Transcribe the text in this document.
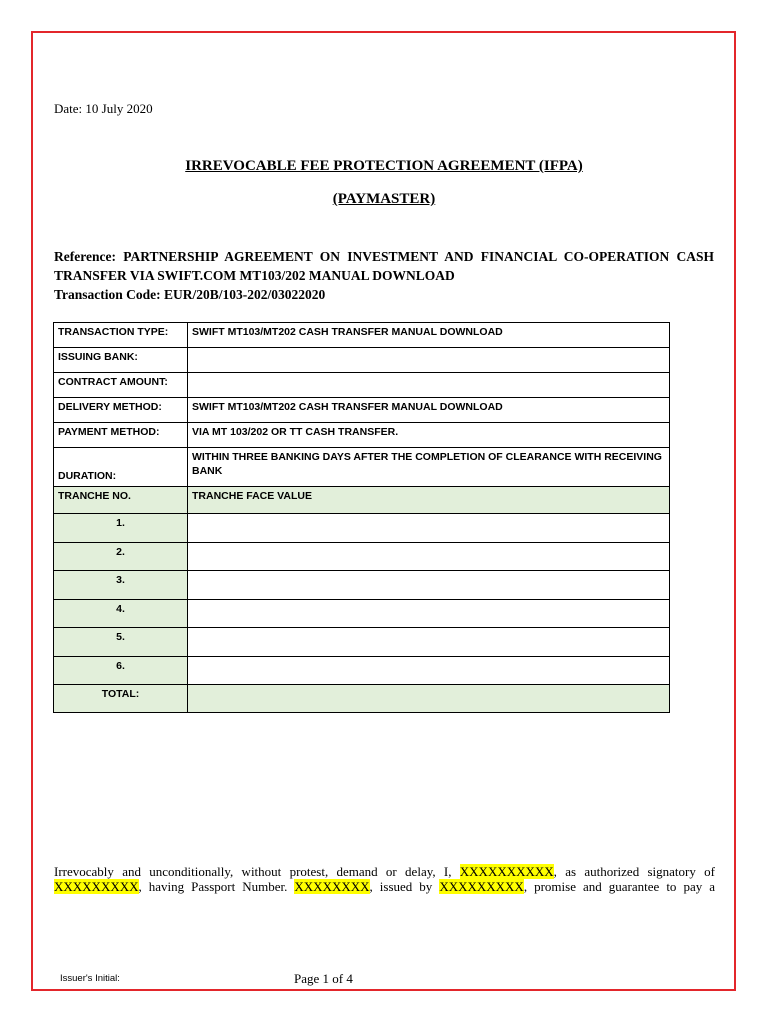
Date: 10 July 2020
IRREVOCABLE FEE PROTECTION AGREEMENT (IFPA)
(PAYMASTER)
Reference: PARTNERSHIP AGREEMENT ON INVESTMENT AND FINANCIAL CO-OPERATION CASH TRANSFER VIA SWIFT.COM MT103/202 MANUAL DOWNLOAD
Transaction Code: EUR/20B/103-202/03022020
TRANSACTION TYPE:	SWIFT MT103/MT202 CASH TRANSFER MANUAL DOWNLOAD
ISSUING BANK:	
CONTRACT AMOUNT:	
DELIVERY METHOD:	SWIFT MT103/MT202 CASH TRANSFER MANUAL DOWNLOAD
PAYMENT METHOD:	VIA MT 103/202 OR TT CASH TRANSFER.
DURATION:	WITHIN THREE BANKING DAYS AFTER THE COMPLETION OF CLEARANCE WITH RECEIVING BANK
TRANCHE NO.	TRANCHE FACE VALUE
1.	
2.	
3.	
4.	
5.	
6.	
TOTAL:	
Irrevocably and unconditionally, without protest, demand or delay, I, XXXXXXXXXX, as authorized signatory of XXXXXXXXX, having Passport Number. XXXXXXXX, issued by XXXXXXXXX, promise and guarantee to pay a
Issuer's Initial:	Page 1 of 4
